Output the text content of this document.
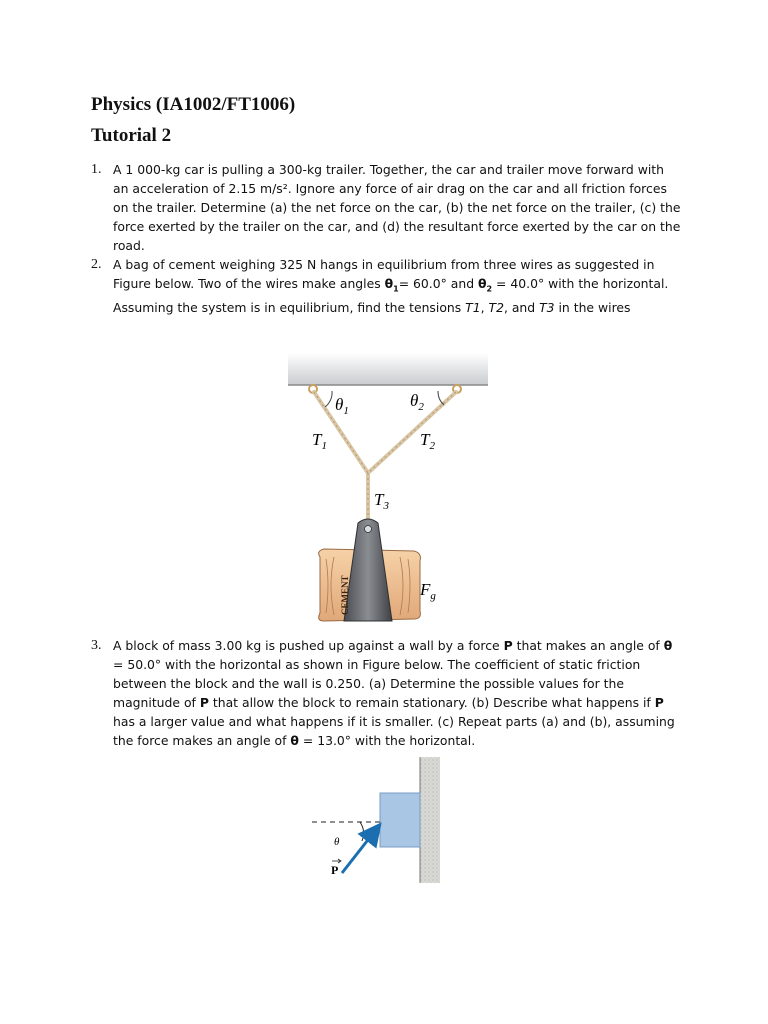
Physics (IA1002/FT1006)
Tutorial 2
1. A 1 000-kg car is pulling a 300-kg trailer. Together, the car and trailer move forward with an acceleration of 2.15 m/s². Ignore any force of air drag on the car and all friction forces on the trailer. Determine (a) the net force on the car, (b) the net force on the trailer, (c) the force exerted by the trailer on the car, and (d) the resultant force exerted by the car on the road.
2. A bag of cement weighing 325 N hangs in equilibrium from three wires as suggested in Figure below. Two of the wires make angles $\theta_1= 60.0^\circ$ and $\theta_2 = 40.0^\circ$ with the horizontal. Assuming the system is in equilibrium, find the tensions T1, T2, and T3 in the wires
$\theta_1$
$\theta_2$
$T_1$	$T_2$
$T_3$
$F_g$
CEMENT
3. A block of mass 3.00 kg is pushed up against a wall by a force P that makes an angle of θ = 50.0° with the horizontal as shown in Figure below. The coefficient of static friction between the block and the wall is 0.250. (a) Determine the possible values for the magnitude of P that allow the block to remain stationary. (b) Describe what happens if P has a larger value and what happens if it is smaller. (c) Repeat parts (a) and (b), assuming the force makes an angle of θ = 13.0° with the horizontal.
θ
P
